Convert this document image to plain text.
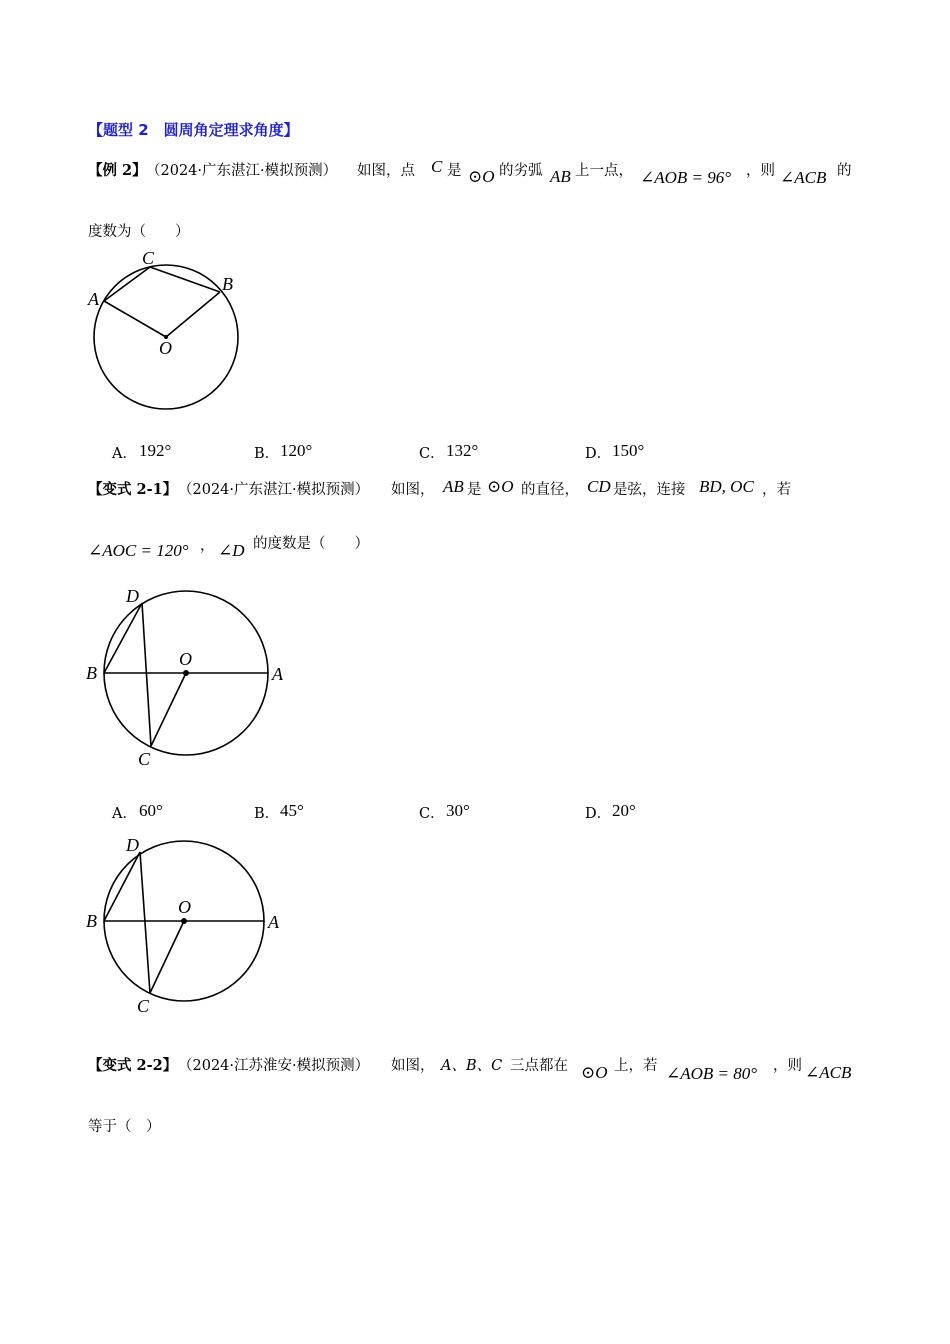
【题型 2　圆周角定理求角度】
【例 2】 （2024·广东湛江·模拟预测） 如图，点 C 是 ⊙O 的劣弧 AB 上一点， ∠AOB = 96° ，则 ∠ACB 的
度数为（　　）
C
A
B
O
A． 192°	B． 120°	C． 132°	D． 150°
【变式 2-1】 （2024·广东湛江·模拟预测） 如图， AB 是 ⊙O 的直径， CD 是弦，连接 BD, OC ，若
∠AOC = 120° ， ∠D 的度数是（　　）
D
B
O
A
C
A． 60°	B． 45°	C． 30°	D． 20°
D
B
O
A
C
【变式 2-2】 （2024·江苏淮安·模拟预测） 如图， A、B、C 三点都在 ⊙O 上，若 ∠AOB = 80° ，则 ∠ACB
等于（　）
